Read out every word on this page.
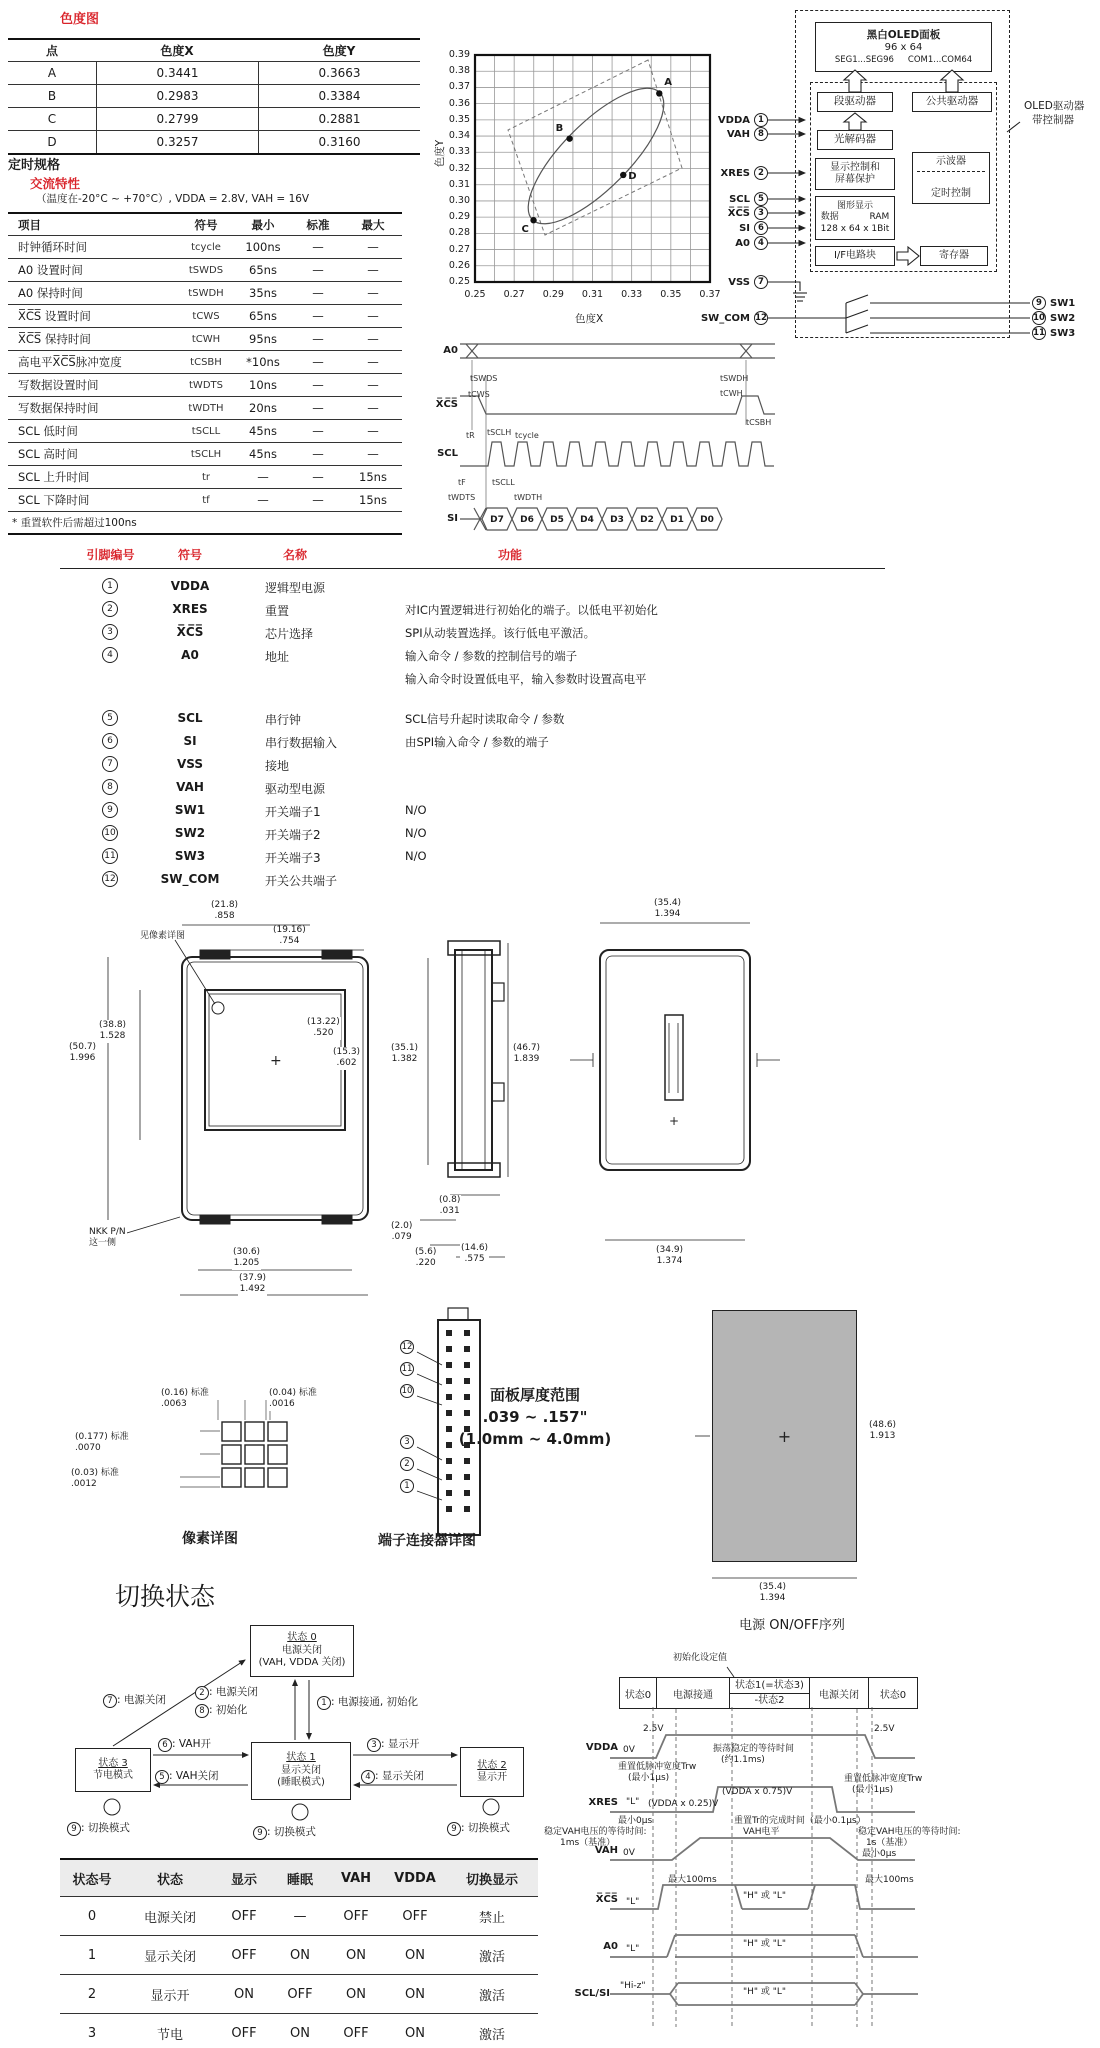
色度图
点	色度X	色度Y
A	0.3441	0.3663
B	0.2983	0.3384
C	0.2799	0.2881
D	0.3257	0.3160
定时规格
交流特性
（温度在-20°C ~ +70°C）, VDDA = 2.8V, VAH = 16V
项目	符号	最小	标准	最大
时钟循环时间	tcycle	100ns	—	—
A0 设置时间	tSWDS	65ns	—	—
A0 保持时间	tSWDH	35ns	—	—
X̅C̅S̅ 设置时间	tCWS	65ns	—	—
X̅C̅S̅ 保持时间	tCWH	95ns	—	—
高电平X̅C̅S̅脉冲宽度	tCSBH	*10ns	—	—
写数据设置时间	tWDTS	10ns	—	—
写数据保持时间	tWDTH	20ns	—	—
SCL 低时间	tSCLL	45ns	—	—
SCL 高时间	tSCLH	45ns	—	—
SCL 上升时间	tr	—	—	15ns
SCL 下降时间	tf	—	—	15ns
* 重置软件后需超过100ns
色度Y
色度X
0.39
0.38
0.37
0.36
0.35
0.34
0.33
0.32
0.31
0.30
0.29
0.28
0.27
0.26
0.25
0.25	0.27	0.29	0.31	0.33	0.35	0.37
A
B
C
D
黑白OLED面板
96 x 64
SEG1...SEG96 COM1...COM64
段驱动器	公共驱动器
光解码器
显示控制和
屏幕保护
示波器
定时控制
图形显示
数据	RAM
128 x 64 x 1Bit
I/F电路块	寄存器
OLED驱动器
带控制器
VDDA 1
VAH 8
XRES 2
SCL 5
X̅C̅S̅ 3
SI 6
A0 4
VSS 7
SW_COM 12
9 SW1
10 SW2
11 SW3
A0
X̅C̅S̅
SCL
SI
tSWDS
tCWS
tSWDH
tCWH
tCSBH
tR tSCLH tcycle
tF	tSCLL
tWDTS	tWDTH
D7	D6	D5	D4	D3	D2	D1	D0
引脚编号	符号	名称	功能
1	VDDA	逻辑型电源
2	XRES	重置	对IC内置逻辑进行初始化的端子。以低电平初始化
3	X̅C̅S̅	芯片选择	SPI从动装置选择。该行低电平激活。
4	A0	地址	输入命令 / 参数的控制信号的端子
输入命令时设置低电平，输入参数时设置高电平
5	SCL	串行钟	SCL信号升起时读取命令 / 参数
6	SI	串行数据输入	由SPI输入命令 / 参数的端子
7	VSS	接地
8	VAH	驱动型电源
9	SW1	开关端子1	N/O
10	SW2	开关端子2	N/O
11	SW3	开关端子3	N/O
12	SW_COM	开关公共端子
(21.8)
.858
(19.16)
.754
见像素详图
+
(38.8)
1.528
(50.7)
1.996
(13.22)
.520
(15.3)
.602
NKK P/N
这一侧
(30.6)
1.205
(37.9)
1.492
(35.1)
1.382
(46.7)
1.839
(0.8)
.031
(2.0)
.079
(5.6)
.220
(14.6)
.575
(35.4)
1.394
+
(34.9)
1.374
(0.16) 标准
.0063
(0.04) 标准
.0016
(0.177) 标准
.0070
(0.03) 标准
.0012
像素详图
12
11
10
3
2
1
端子连接器详图
面板厚度范围
.039 ~ .157"
(1.0mm ~ 4.0mm)	+
(48.6)
1.913
(35.4)
1.394
电源 ON/OFF序列
切换状态
状态 0
电源关闭
(VAH, VDDA 关闭)
状态 3
节电模式
状态 1
显示关闭
(睡眠模式)
状态 2
显示开
7 : 电源关闭
2 : 电源关闭
8 : 初始化
1 : 电源接通, 初始化
6 : VAH开
5 : VAH关闭
3 : 显示开
4 : 显示关闭
9 : 切换模式	9 : 切换模式	9 : 切换模式
状态号	状态	显示	睡眠	VAH	VDDA	切换显示
0	电源关闭	OFF	—	OFF	OFF	禁止
1	显示关闭	OFF	ON	ON	ON	激活
2	显示开	ON	OFF	ON	ON	激活
3	节电	OFF	ON	OFF	ON	激活
初始化设定值
状态0	电源接通
状态1(=状态3)
-状态2	电源关闭	状态0
VDDA 0V
2.5V	2.5V
振荡稳定的等待时间
(约1.1ms)
XRES "L"
重置低脉冲宽度Trw
(最小1μs)
(VDDA x 0.75)V
(VDDA x 0.25)V
最小0μs	重置Tr的完成时间（最小0.1μs）
重置低脉冲宽度Trw
(最小1μs)
VAH 0V
稳定VAH电压的等待时间:
1ms（基准）
VAH电平	稳定VAH电压的等待时间:
1s（基准）
最小0μs
X̅C̅S̅ "L"
最大100ms	最大100ms
"H" 或 "L"
A0 "L"	"H" 或 "L"
SCL/SI
"Hi-z"
"H" 或 "L"
